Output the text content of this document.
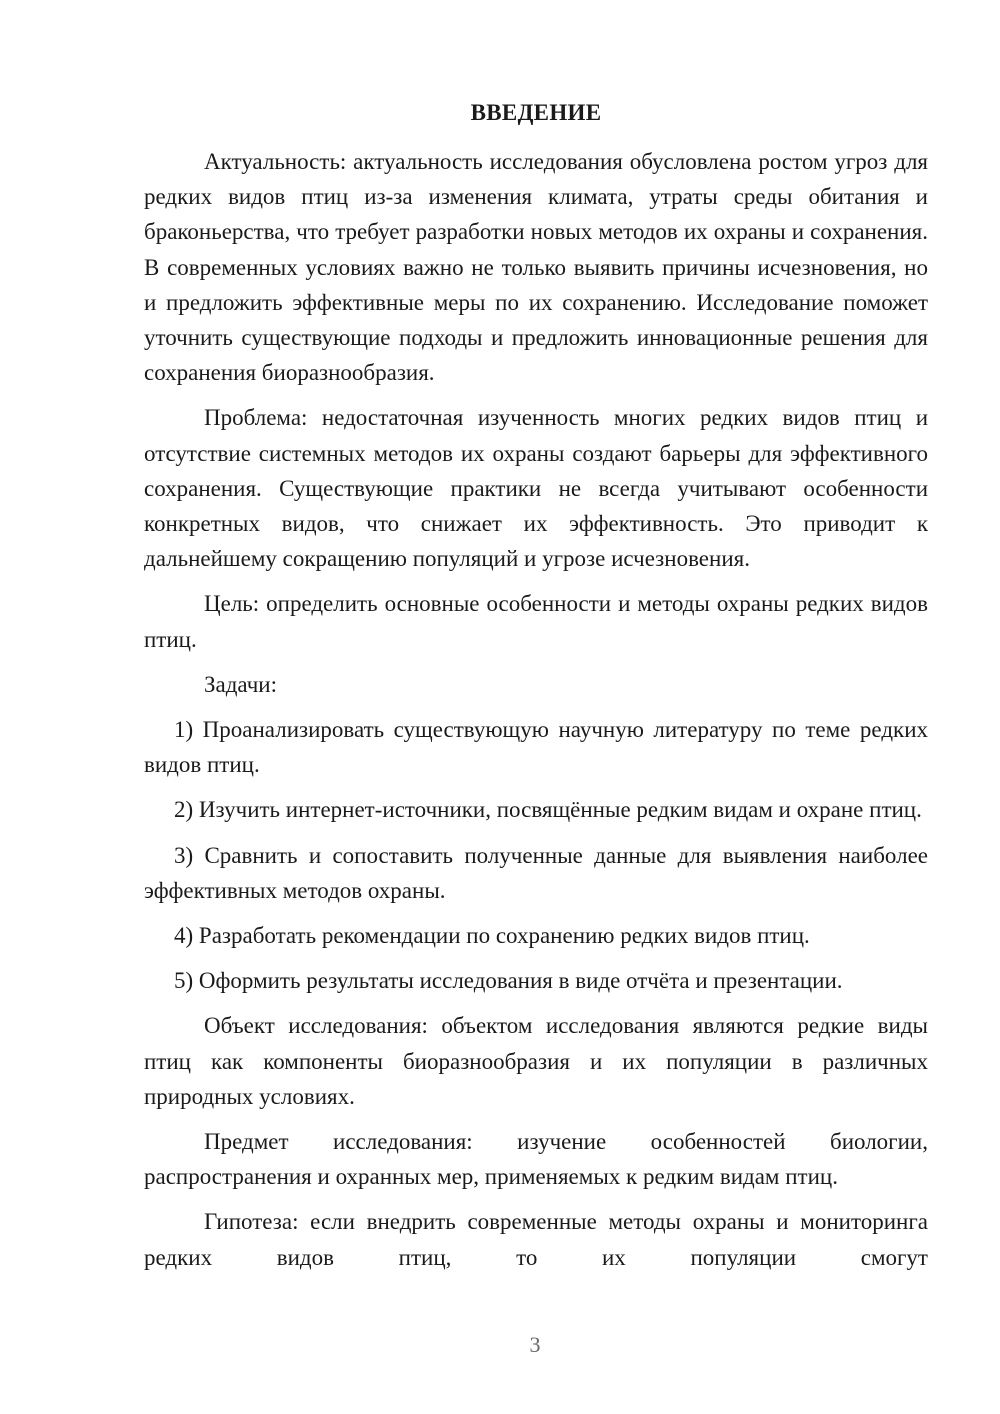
ВВЕДЕНИЕ

Актуальность: актуальность исследования обусловлена ростом угроз для редких видов птиц из-за изменения климата, утраты среды обитания и браконьерства, что требует разработки новых методов их охраны и сохранения. В современных условиях важно не только выявить причины исчезновения, но и предложить эффективные меры по их сохранению. Исследование поможет уточнить существующие подходы и предложить инновационные решения для сохранения биоразнообразия.

Проблема: недостаточная изученность многих редких видов птиц и отсутствие системных методов их охраны создают барьеры для эффективного сохранения. Существующие практики не всегда учитывают особенности конкретных видов, что снижает их эффективность. Это приводит к дальнейшему сокращению популяций и угрозе исчезновения.

Цель: определить основные особенности и методы охраны редких видов птиц.

Задачи:

1) Проанализировать существующую научную литературу по теме редких видов птиц.

2) Изучить интернет-источники, посвящённые редким видам и охране птиц.

3) Сравнить и сопоставить полученные данные для выявления наиболее эффективных методов охраны.

4) Разработать рекомендации по сохранению редких видов птиц.

5) Оформить результаты исследования в виде отчёта и презентации.

Объект исследования: объектом исследования являются редкие виды птиц как компоненты биоразнообразия и их популяции в различных природных условиях.

Предмет исследования: изучение особенностей биологии, распространения и охранных мер, применяемых к редким видам птиц.

Гипотеза: если внедрить современные методы охраны и мониторинга редких видов птиц, то их популяции смогут

3
